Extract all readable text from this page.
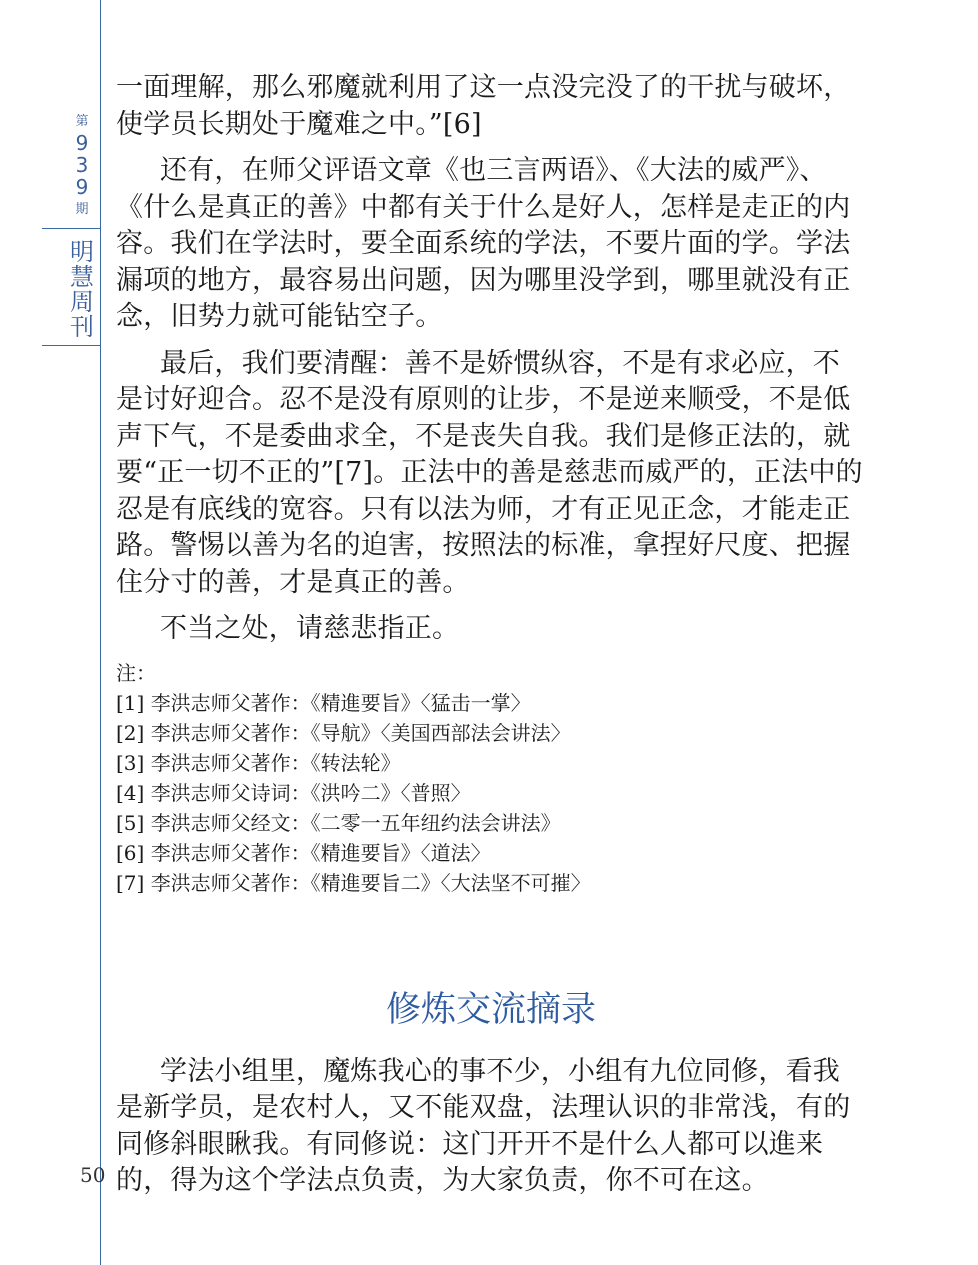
第
9
3
9
期
明
慧
周
刊
50

一面理解，那么邪魔就利用了这一点没完没了的干扰与破坏，使学员长期处于魔难之中。”[6]

还有，在师父评语文章《也三言两语》、《大法的威严》、《什么是真正的善》中都有关于什么是好人，怎样是走正的内容。我们在学法时，要全面系统的学法，不要片面的学。学法漏项的地方，最容易出问题，因为哪里没学到，哪里就没有正念，旧势力就可能钻空子。

最后，我们要清醒：善不是娇惯纵容，不是有求必应，不是讨好迎合。忍不是没有原则的让步，不是逆来顺受，不是低声下气，不是委曲求全，不是丧失自我。我们是修正法的，就要“正一切不正的”[7]。正法中的善是慈悲而威严的，正法中的忍是有底线的宽容。只有以法为师，才有正见正念，才能走正路。警惕以善为名的迫害，按照法的标准，拿捏好尺度、把握住分寸的善，才是真正的善。

不当之处，请慈悲指正。

注：
[1] 李洪志师父著作：《精進要旨》〈猛击一掌〉
[2] 李洪志师父著作：《导航》〈美国西部法会讲法〉
[3] 李洪志师父著作：《转法轮》
[4] 李洪志师父诗词：《洪吟二》〈普照〉
[5] 李洪志师父经文：《二零一五年纽约法会讲法》
[6] 李洪志师父著作：《精進要旨》〈道法〉
[7] 李洪志师父著作：《精進要旨二》〈大法坚不可摧〉
修炼交流摘录

学法小组里，魔炼我心的事不少，小组有九位同修，看我是新学员，是农村人，又不能双盘，法理认识的非常浅，有的同修斜眼瞅我。有同修说：这门开开不是什么人都可以進来的，得为这个学法点负责，为大家负责，你不可在这。
